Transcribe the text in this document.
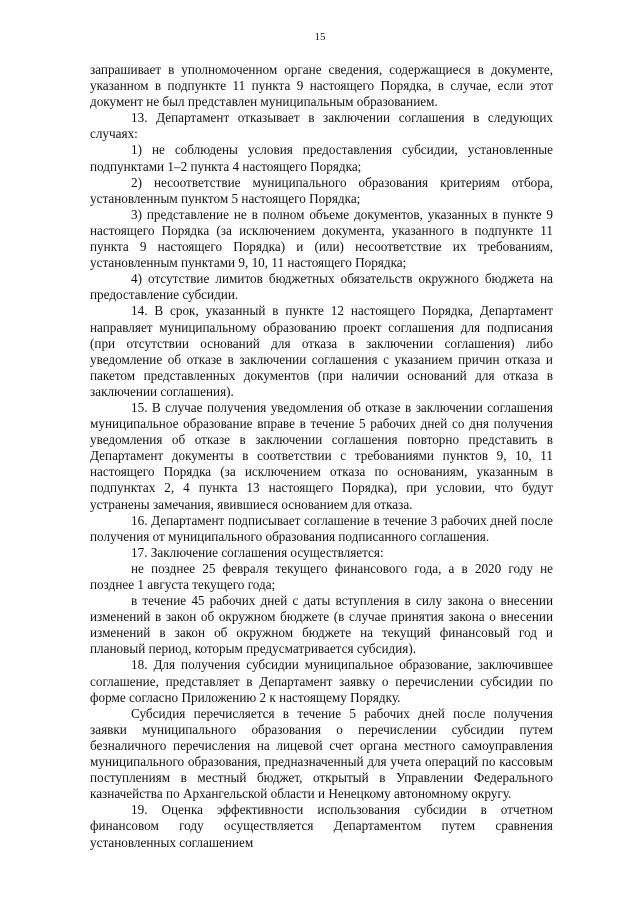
15

запрашивает в уполномоченном органе сведения, содержащиеся в документе, указанном в подпункте 11 пункта 9 настоящего Порядка, в случае, если этот документ не был представлен муниципальным образованием.

13. Департамент отказывает в заключении соглашения в следующих случаях:

1) не соблюдены условия предоставления субсидии, установленные подпунктами 1–2 пункта 4 настоящего Порядка;

2) несоответствие муниципального образования критериям отбора, установленным пунктом 5 настоящего Порядка;

3) представление не в полном объеме документов, указанных в пункте 9 настоящего Порядка (за исключением документа, указанного в подпункте 11 пункта 9 настоящего Порядка) и (или) несоответствие их требованиям, установленным пунктами 9, 10, 11 настоящего Порядка;

4) отсутствие лимитов бюджетных обязательств окружного бюджета на предоставление субсидии.

14. В срок, указанный в пункте 12 настоящего Порядка, Департамент направляет муниципальному образованию проект соглашения для подписания (при отсутствии оснований для отказа в заключении соглашения) либо уведомление об отказе в заключении соглашения с указанием причин отказа и пакетом представленных документов (при наличии оснований для отказа в заключении соглашения).

15. В случае получения уведомления об отказе в заключении соглашения муниципальное образование вправе в течение 5 рабочих дней со дня получения уведомления об отказе в заключении соглашения повторно представить в Департамент документы в соответствии с требованиями пунктов 9, 10, 11 настоящего Порядка (за исключением отказа по основаниям, указанным в подпунктах 2, 4 пункта 13 настоящего Порядка), при условии, что будут устранены замечания, явившиеся основанием для отказа.

16. Департамент подписывает соглашение в течение 3 рабочих дней после получения от муниципального образования подписанного соглашения.

17. Заключение соглашения осуществляется:

не позднее 25 февраля текущего финансового года, а в 2020 году не позднее 1 августа текущего года;

в течение 45 рабочих дней с даты вступления в силу закона о внесении изменений в закон об окружном бюджете (в случае принятия закона о внесении изменений в закон об окружном бюджете на текущий финансовый год и плановый период, которым предусматривается субсидия).

18. Для получения субсидии муниципальное образование, заключившее соглашение, представляет в Департамент заявку о перечислении субсидии по форме согласно Приложению 2 к настоящему Порядку.

Субсидия перечисляется в течение 5 рабочих дней после получения заявки муниципального образования о перечислении субсидии путем безналичного перечисления на лицевой счет органа местного самоуправления муниципального образования, предназначенный для учета операций по кассовым поступлениям в местный бюджет, открытый в Управлении Федерального казначейства по Архангельской области и Ненецкому автономному округу.

19. Оценка эффективности использования субсидии в отчетном финансовом году осуществляется Департаментом путем сравнения установленных соглашением
